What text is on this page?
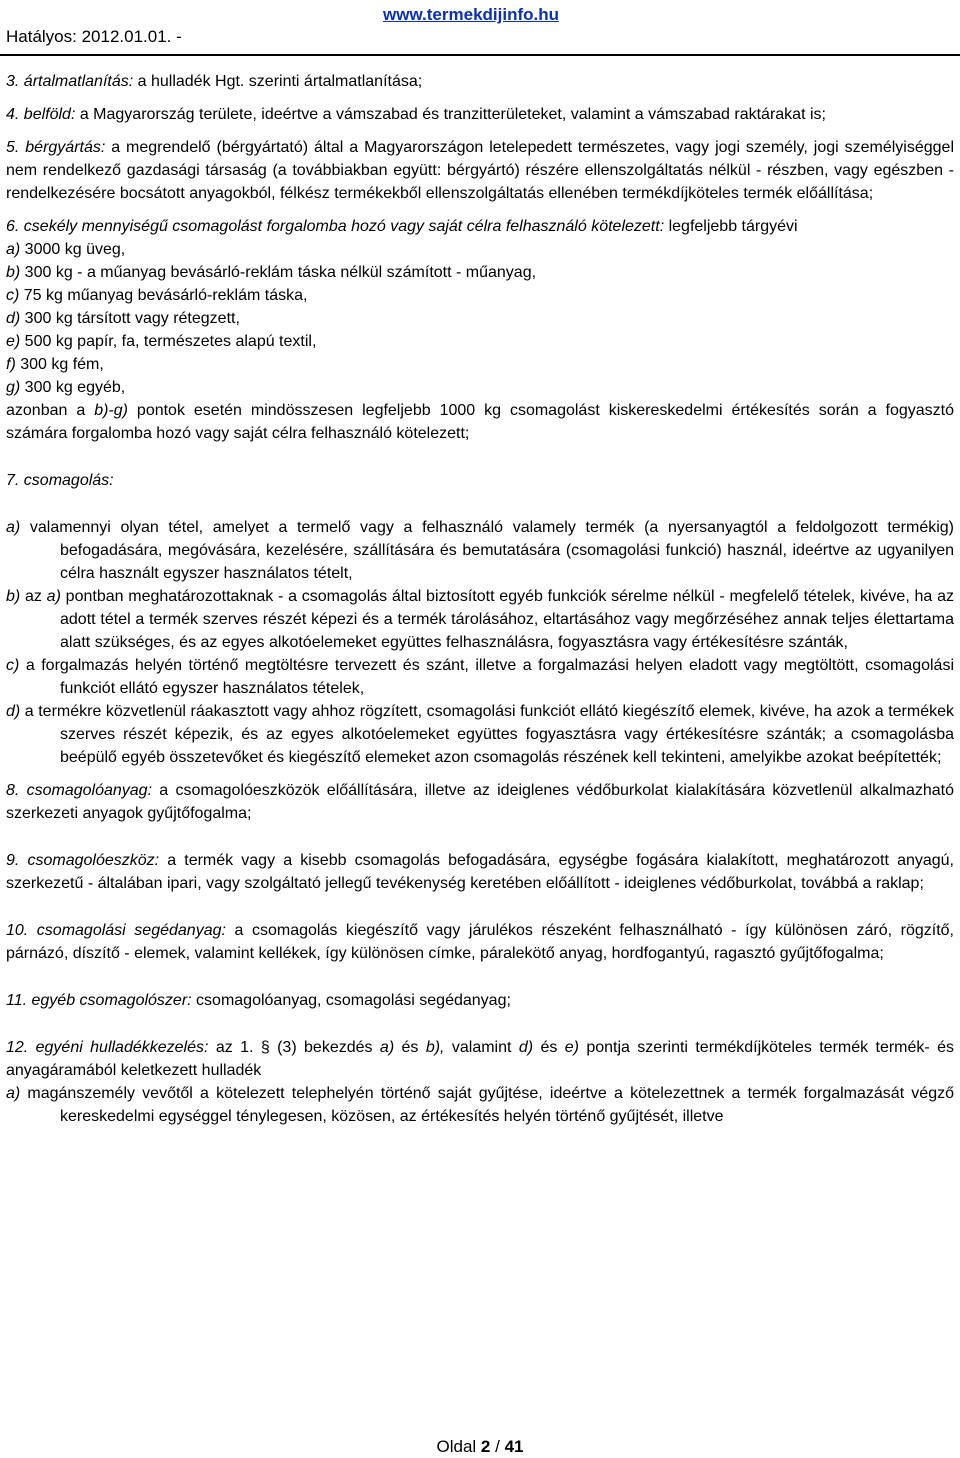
www.termekdijinfo.hu
Hatályos: 2012.01.01. -

3. ártalmatlanítás: a hulladék Hgt. szerinti ártalmatlanítása;

4. belföld: a Magyarország területe, ideértve a vámszabad és tranzitterületeket, valamint a vámszabad raktárakat is;

5. bérgyártás: a megrendelő (bérgyártató) által a Magyarországon letelepedett természetes, vagy jogi személy, jogi személyiséggel nem rendelkező gazdasági társaság (a továbbiakban együtt: bérgyártó) részére ellenszolgáltatás nélkül - részben, vagy egészben - rendelkezésére bocsátott anyagokból, félkész termékekből ellenszolgáltatás ellenében termékdíjköteles termék előállítása;

6. csekély mennyiségű csomagolást forgalomba hozó vagy saját célra felhasználó kötelezett: legfeljebb tárgyévi

a) 3000 kg üveg,

b) 300 kg - a műanyag bevásárló-reklám táska nélkül számított - műanyag,

c) 75 kg műanyag bevásárló-reklám táska,

d) 300 kg társított vagy rétegzett,

e) 500 kg papír, fa, természetes alapú textil,

f) 300 kg fém,

g) 300 kg egyéb,

azonban a b)-g) pontok esetén mindösszesen legfeljebb 1000 kg csomagolást kiskereskedelmi értékesítés során a fogyasztó számára forgalomba hozó vagy saját célra felhasználó kötelezett;

7. csomagolás:

a) valamennyi olyan tétel, amelyet a termelő vagy a felhasználó valamely termék (a nyersanyagtól a feldolgozott termékig) befogadására, megóvására, kezelésére, szállítására és bemutatására (csomagolási funkció) használ, ideértve az ugyanilyen célra használt egyszer használatos tételt,

b) az a) pontban meghatározottaknak - a csomagolás által biztosított egyéb funkciók sérelme nélkül - megfelelő tételek, kivéve, ha az adott tétel a termék szerves részét képezi és a termék tárolásához, eltartásához vagy megőrzéséhez annak teljes élettartama alatt szükséges, és az egyes alkotóelemeket együttes felhasználásra, fogyasztásra vagy értékesítésre szánták,

c) a forgalmazás helyén történő megtöltésre tervezett és szánt, illetve a forgalmazási helyen eladott vagy megtöltött, csomagolási funkciót ellátó egyszer használatos tételek,

d) a termékre közvetlenül ráakasztott vagy ahhoz rögzített, csomagolási funkciót ellátó kiegészítő elemek, kivéve, ha azok a termékek szerves részét képezik, és az egyes alkotóelemeket együttes fogyasztásra vagy értékesítésre szánták; a csomagolásba beépülő egyéb összetevőket és kiegészítő elemeket azon csomagolás részének kell tekinteni, amelyikbe azokat beépítették;

8. csomagolóanyag: a csomagolóeszközök előállítására, illetve az ideiglenes védőburkolat kialakítására közvetlenül alkalmazható szerkezeti anyagok gyűjtőfogalma;

9. csomagolóeszköz: a termék vagy a kisebb csomagolás befogadására, egységbe fogására kialakított, meghatározott anyagú, szerkezetű - általában ipari, vagy szolgáltató jellegű tevékenység keretében előállított - ideiglenes védőburkolat, továbbá a raklap;

10. csomagolási segédanyag: a csomagolás kiegészítő vagy járulékos részeként felhasználható - így különösen záró, rögzítő, párnázó, díszítő - elemek, valamint kellékek, így különösen címke, páralekötő anyag, hordfogantyú, ragasztó gyűjtőfogalma;

11. egyéb csomagolószer: csomagolóanyag, csomagolási segédanyag;

12. egyéni hulladékkezelés: az 1. § (3) bekezdés a) és b), valamint d) és e) pontja szerinti termékdíjköteles termék termék- és anyagáramából keletkezett hulladék

a) magánszemély vevőtől a kötelezett telephelyén történő saját gyűjtése, ideértve a kötelezettnek a termék forgalmazását végző kereskedelmi egységgel ténylegesen, közösen, az értékesítés helyén történő gyűjtését, illetve

Oldal 2 / 41
